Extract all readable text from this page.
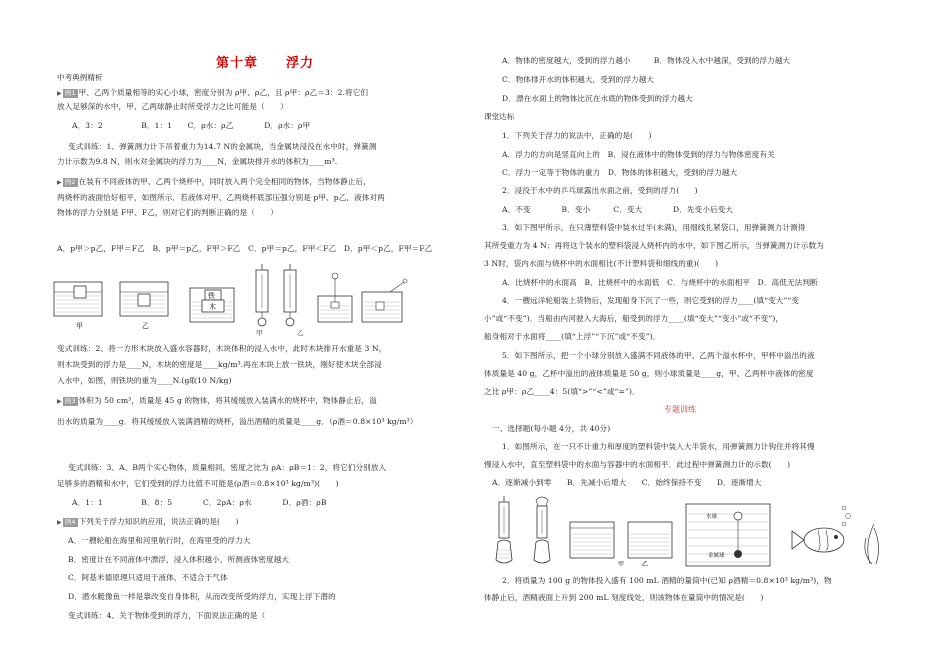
第十章　　浮力
中考典例精析
▶ 例1 甲、乙两个质量相等的实心小球，密度分别为 ρ甲、ρ乙，且 ρ甲：ρ乙＝3：2.将它们
放入足够深的水中，甲、乙两球静止时所受浮力之比可能是（　　）
A．3：2　　　　　B．1：1　　C．ρ水：ρ乙　　　　D．ρ水：ρ甲
变式训练：1、弹簧测力计下吊着重力为14.7 N的金属块，当金属块浸没在水中时，弹簧测
力计示数为9.8 N，则水对金属块的浮力为____N，金属块排开水的体积为____m³.
▶ 例2 在装有不同液体的甲、乙两个烧杯中，同时放入两个完全相同的物体，当物体静止后，
两烧杯的液面恰好相平，如图所示．若液体对甲、乙两烧杯底部压强分别是 p甲、p乙，液体对两
物体的浮力分别是 F甲、F乙，则对它们的判断正确的是（　　）
A．p甲＞p乙，F甲＝F乙　B．p甲＝p乙，F甲＞F乙　C．p甲＝p乙，F甲＜F乙　D．p甲＜p乙，F甲＝F乙
甲	乙
铁
木
甲	乙
变式训练：2、将一方形木块放入盛水容器时，木块体积的浸入水中，此时木块排开水重是 3 N，
则木块受到的浮力是____N，木块的密度是____kg/m³.再在木块上放一铁块，刚好使木块全部浸
入水中，如图，则铁块的重为____N.(g取10 N/kg)
▶ 例3 体积为 50 cm³，质量是 45 g 的物体，将其缓缓放入装满水的烧杯中，物体静止后，溢
出水的质量为____g．将其缓缓放入装满酒精的烧杯，溢出酒精的质量是____g．（ρ酒＝0.8×10³ kg/m³）
变式训练：3、A、B两个实心物体，质量相同，密度之比为 ρA：ρB＝1：2，将它们分别放入
足够多的酒精和水中，它们受到的浮力比值不可能是(ρ酒＝0.8×10³ kg/m³)(　　)
A．1：1　　　　　B．8：5　　　　C．2ρA：ρ水　　　　D．ρ酒：ρB
▶ 例4 下列关于浮力知识的应用，说法正确的是(　　)
A．一艘轮船在海里和河里航行时，在海里受的浮力大
B．密度计在不同液体中漂浮，浸入体积越小，所测液体密度越大
C．阿基米德原理只适用于液体，不适合于气体
D．潜水艇像鱼一样是靠改变自身体积，从而改变所受的浮力，实现上浮下潜的
变式训练：4、关于物体受到的浮力，下面说法正确的是（
A．物体的密度越大，受到的浮力越小　　　B．物体没入水中越深，受到的浮力越大
C．物体排开水的体积越大，受到的浮力越大
D．漂在水面上的物体比沉在水底的物体受到的浮力越大
课堂达标
1．下列关于浮力的说法中，正确的是(　　)
A．浮力的方向是竖直向上的　B．浸在液体中的物体受到的浮力与物体密度有关
C．浮力一定等于物体的重力　D．物体的体积越大，受到的浮力越大
2．浸没于水中的乒乓球露出水面之前，受到的浮力(　　)
A．不变　　　　B．变小　　　C．变大　　　　D．先变小后变大
3．如下图甲所示，在只薄塑料袋中装水过半(未满)，用细线扎紧袋口，用弹簧测力计测得
其所受重力为 4 N；再将这个装水的塑料袋浸入烧杯内的水中，如下图乙所示，当弹簧测力计示数为
3 N时，袋内水面与烧杯中的水面相比(不计塑料袋和细线的重)(　　)
A．比烧杯中的水面高　B．比烧杯中的水面低　C．与烧杯中的水面相平　D．高低无法判断
4．一艘远洋轮船装上货物后，发现船身下沉了一些，则它受到的浮力____(填“变大”“变
小”或“不变”)．当船由内河驶入大海后，船受到的浮力____(填“变大”“变小”或“不变”)，
船身相对于水面将____(填“上浮”“下沉”或“不变”)．
5．如下图所示，把一个小球分别放入盛满不同液体的甲、乙两个溢水杯中，甲杯中溢出的液
体质量是 40 g，乙杯中溢出的液体质量是 50 g，则小球质量是____g，甲、乙两杯中液体的密度
之比 ρ甲：ρ乙____4：5(填“>”“<”或“=”)．
专题训练
一、选择题(每小题 4分，共 40分)
1．如图所示，在一只不计重力和厚度的塑料袋中装入大半袋水，用弹簧测力计钩住并将其慢
慢浸入水中，直至塑料袋中的水面与容器中的水面相平．此过程中弹簧测力计的示数(　　)
A．逐渐减小到零　　B．先减小后增大　　C．始终保持不变　　D．逐渐增大
甲	乙
水球
金属球
2．将质量为 100 g 的物体投入盛有 100 mL 酒精的量筒中(已知 ρ酒精＝0.8×10³ kg/m³)，物
体静止后，酒精液面上升到 200 mL 刻度线处，则该物体在量筒中的情况是(　　)
